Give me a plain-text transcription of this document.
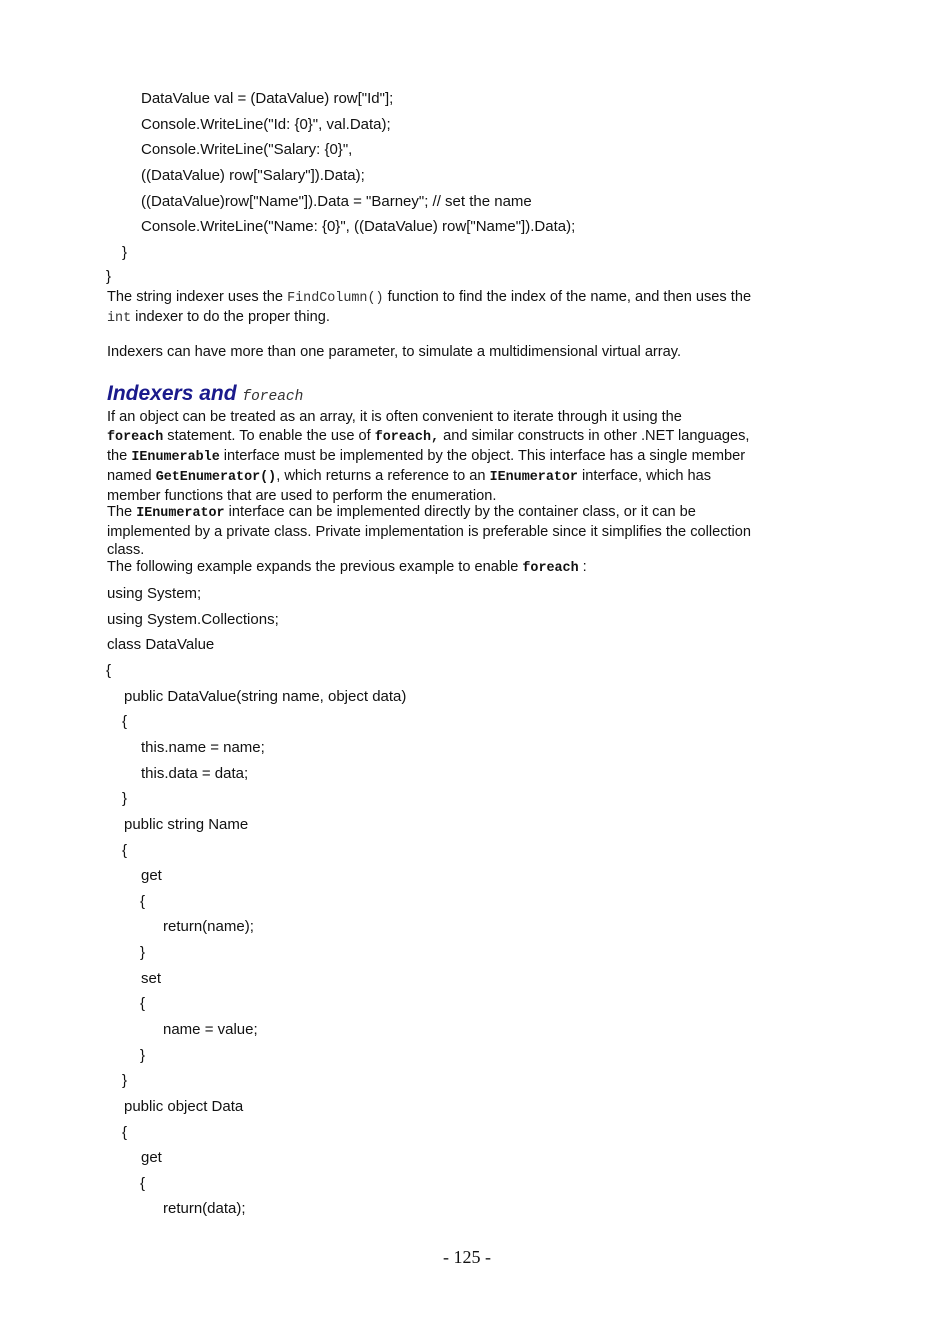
DataValue val = (DataValue) row["Id"];
Console.WriteLine("Id: {0}", val.Data);
Console.WriteLine("Salary: {0}",
((DataValue) row["Salary"]).Data);
((DataValue)row["Name"]).Data = "Barney"; // set the name
Console.WriteLine("Name: {0}", ((DataValue) row["Name"]).Data);
}
}

The string indexer uses the FindColumn() function to find the index of the name, and then uses the

int indexer to do the proper thing.

Indexers can have more than one parameter, to simulate a multidimensional virtual array.

Indexers and foreach

If an object can be treated as an array, it is often convenient to iterate through it using the

foreach statement. To enable the use of foreach, and similar constructs in other .NET languages,

the IEnumerable interface must be implemented by the object. This interface has a single member

named GetEnumerator(), which returns a reference to an IEnumerator interface, which has

member functions that are used to perform the enumeration.

The IEnumerator interface can be implemented directly by the container class, or it can be

implemented by a private class. Private implementation is preferable since it simplifies the collection

class.

The following example expands the previous example to enable foreach :

using System;
using System.Collections;
class DataValue
{
public DataValue(string name, object data)
{
this.name = name;
this.data = data;
}
public string Name
{
get
{
return(name);
}
set
{
name = value;
}
}
public object Data
{
get
{
return(data);
- 125 -
